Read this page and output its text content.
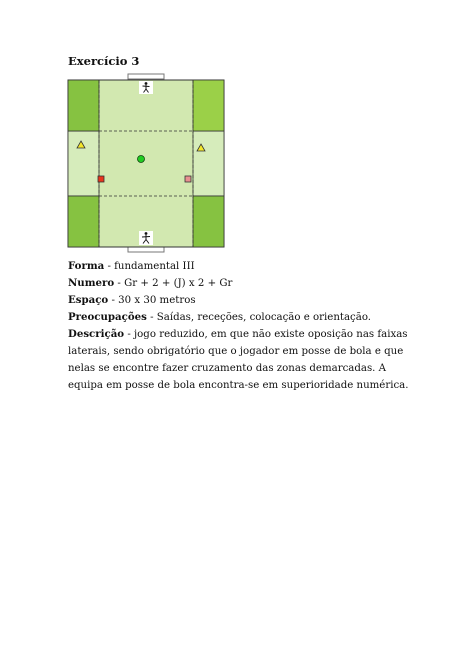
Exercício 3

Forma - fundamental III

Numero - Gr + 2 + (J) x 2 + Gr

Espaço - 30 x 30 metros

Preocupações - Saídas, receções, colocação e orientação.

Descrição - jogo reduzido, em que não existe oposição nas faixas laterais, sendo obrigatório que o jogador em posse de bola e que nelas se encontre fazer cruzamento das zonas demarcadas. A equipa em posse de bola encontra-se em superioridade numérica.
